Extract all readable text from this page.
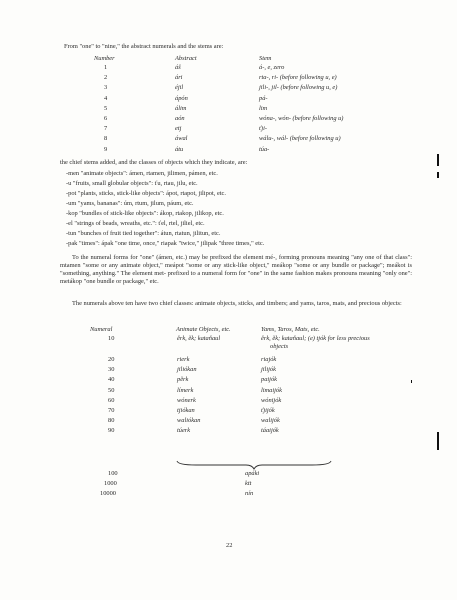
From "one" to "nine," the abstract numerals and the stems are:
Number	Abstract	Stem
1	áš	á-, e, zero
2	ári	rta-, ri- (before following u, e)
3	éjil	jili-, jil- (before following u, e)
4	ápón	pá-
5	álim	lim
6	aón	wóna-, wón- (before following u)
7	etj	ťji-
8	áwal	wálu-, wál- (before following u)
9	átu	túa-
the chief stems added, and the classes of objects which they indicate, are:
-men "animate objects": ámen, rtamen, jilimen, pámen, etc.
-u "fruits, small globular objects": ťu, rtau, jilu, etc.
-pot "plants, sticks, stick-like objects": ápot, rtapot, jilipot, etc.
-um "yams, bananas": úm, rtum, jilum, páum, etc.
-kop "bundles of stick-like objects": ákop, rtakop, jilikop, etc.
-el "strings of beads, wreaths, etc.": ťel, rtel, jiliel, etc.
-tun "bunches of fruit tied together": átun, rtatun, jilitun, etc.
-pak "times": ápak "one time, once," riapak "twice," jilipak "three times," etc.
To the numeral forms for "one" (ámen, etc.) may be prefixed the element mé-, forming pronouns meaning "any one of that class": mtamen "some or any animate object," meápot "some or any stick-like object," meákop "some or any bundle or package"; meákot is "something, anything." The element met- prefixed to a numeral form for "one" in the same fashion makes pronouns meaning "only one": metákop "one bundle or package," etc.
The numerals above ten have two chief classes: animate objects, sticks, and timbers; and yams, taros, mats, and precious objects:
Numeral	Animate Objects, etc.	Yams, Taros, Mats, etc.
10	ěrk, ěk; kataňaul	ěrk, ěk; kataňaul; (e) tjók for less precious
objects
20	rierk	riajók
30	jiliókan	jilijók
40	pěrk	paijók
50	límerk	limaijók
60	wónerk	wónijók
70	tjiókan	ťjijók
80	waliókan	walijók
90	túerk	táaijók
100	apáki
1000	ktt
10000	nín
22
